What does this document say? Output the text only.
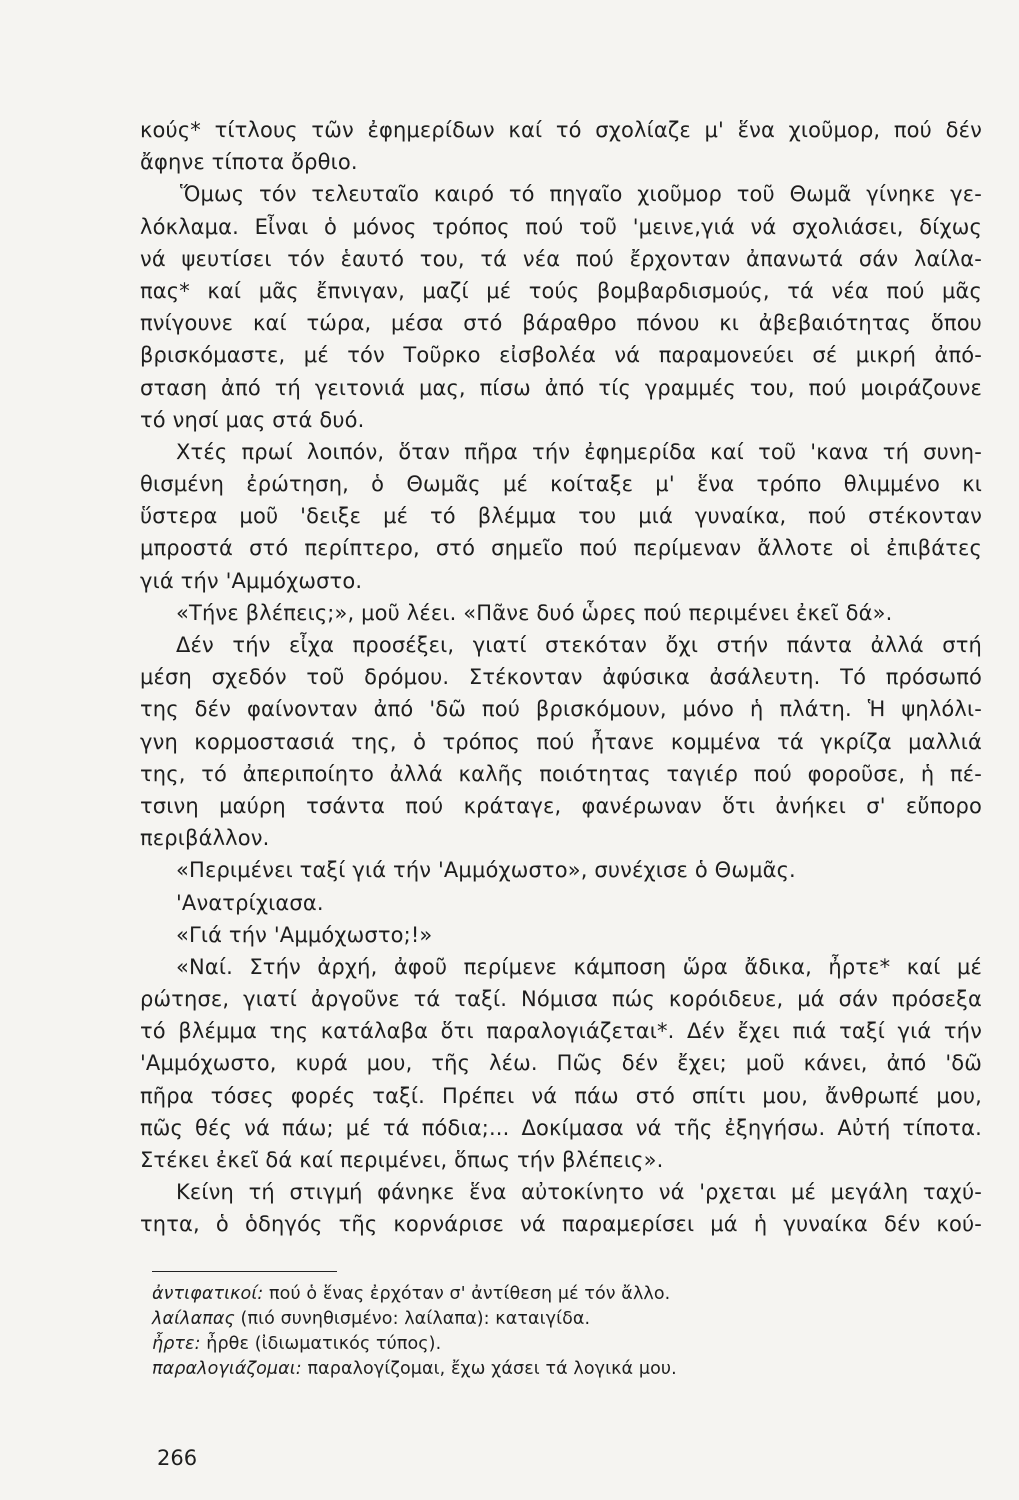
κούς* τίτλους τῶν ἐφημερίδων καί τό σχολίαζε μ' ἕνα χιοῦμορ, πού δέν
ἄφηνε τίποτα ὄρθιο.
Ὅμως τόν τελευταῖο καιρό τό πηγαῖο χιοῦμορ τοῦ Θωμᾶ γίνηκε γε-
λόκλαμα. Εἶναι ὁ μόνος τρόπος πού τοῦ 'μεινε,γιά νά σχολιάσει, δίχως
νά ψευτίσει τόν ἑαυτό του, τά νέα πού ἔρχονταν ἀπανωτά σάν λαίλα-
πας* καί μᾶς ἔπνιγαν, μαζί μέ τούς βομβαρδισμούς, τά νέα πού μᾶς
πνίγουνε καί τώρα, μέσα στό βάραθρο πόνου κι ἀβεβαιότητας ὅπου
βρισκόμαστε, μέ τόν Τοῦρκο εἰσβολέα νά παραμονεύει σέ μικρή ἀπό-
σταση ἀπό τή γειτονιά μας, πίσω ἀπό τίς γραμμές του, πού μοιράζουνε
τό νησί μας στά δυό.
Χτές πρωί λοιπόν, ὅταν πῆρα τήν ἐφημερίδα καί τοῦ 'κανα τή συνη-
θισμένη ἐρώτηση, ὁ Θωμᾶς μέ κοίταξε μ' ἕνα τρόπο θλιμμένο κι
ὕστερα μοῦ 'δειξε μέ τό βλέμμα του μιά γυναίκα, πού στέκονταν
μπροστά στό περίπτερο, στό σημεῖο πού περίμεναν ἄλλοτε οἱ ἐπιβάτες
γιά τήν 'Αμμόχωστο.
«Τήνε βλέπεις;», μοῦ λέει. «Πᾶνε δυό ὧρες πού περιμένει ἐκεῖ δά».
Δέν τήν εἶχα προσέξει, γιατί στεκόταν ὄχι στήν πάντα ἀλλά στή
μέση σχεδόν τοῦ δρόμου. Στέκονταν ἀφύσικα ἀσάλευτη. Τό πρόσωπό
της δέν φαίνονταν ἀπό 'δῶ πού βρισκόμουν, μόνο ἡ πλάτη. Ἡ ψηλόλι-
γνη κορμοστασιά της, ὁ τρόπος πού ἦτανε κομμένα τά γκρίζα μαλλιά
της, τό ἀπεριποίητο ἀλλά καλῆς ποιότητας ταγιέρ πού φοροῦσε, ἡ πέ-
τσινη μαύρη τσάντα πού κράταγε, φανέρωναν ὅτι ἀνήκει σ' εὔπορο
περιβάλλον.
«Περιμένει ταξί γιά τήν 'Αμμόχωστο», συνέχισε ὁ Θωμᾶς.
'Ανατρίχιασα.
«Γιά τήν 'Αμμόχωστο;!»
«Ναί. Στήν ἀρχή, ἀφοῦ περίμενε κάμποση ὥρα ἄδικα, ἦρτε* καί μέ
ρώτησε, γιατί ἀργοῦνε τά ταξί. Νόμισα πώς κορόιδευε, μά σάν πρόσεξα
τό βλέμμα της κατάλαβα ὅτι παραλογιάζεται*. Δέν ἔχει πιά ταξί γιά τήν
'Αμμόχωστο, κυρά μου, τῆς λέω. Πῶς δέν ἔχει; μοῦ κάνει, ἀπό 'δῶ
πῆρα τόσες φορές ταξί. Πρέπει νά πάω στό σπίτι μου, ἄνθρωπέ μου,
πῶς θές νά πάω; μέ τά πόδια;... Δοκίμασα νά τῆς ἐξηγήσω. Αὐτή τίποτα.
Στέκει ἐκεῖ δά καί περιμένει, ὅπως τήν βλέπεις».
Κείνη τή στιγμή φάνηκε ἕνα αὐτοκίνητο νά 'ρχεται μέ μεγάλη ταχύ-
τητα, ὁ ὁδηγός τῆς κορνάρισε νά παραμερίσει μά ἡ γυναίκα δέν κού-
ἀντιφατικοί: πού ὁ ἕνας ἐρχόταν σ' ἀντίθεση μέ τόν ἄλλο.
λαίλαπας (πιό συνηθισμένο: λαίλαπα): καταιγίδα.
ἦρτε: ἦρθε (ἰδιωματικός τύπος).
παραλογιάζομαι: παραλογίζομαι, ἔχω χάσει τά λογικά μου.
266
